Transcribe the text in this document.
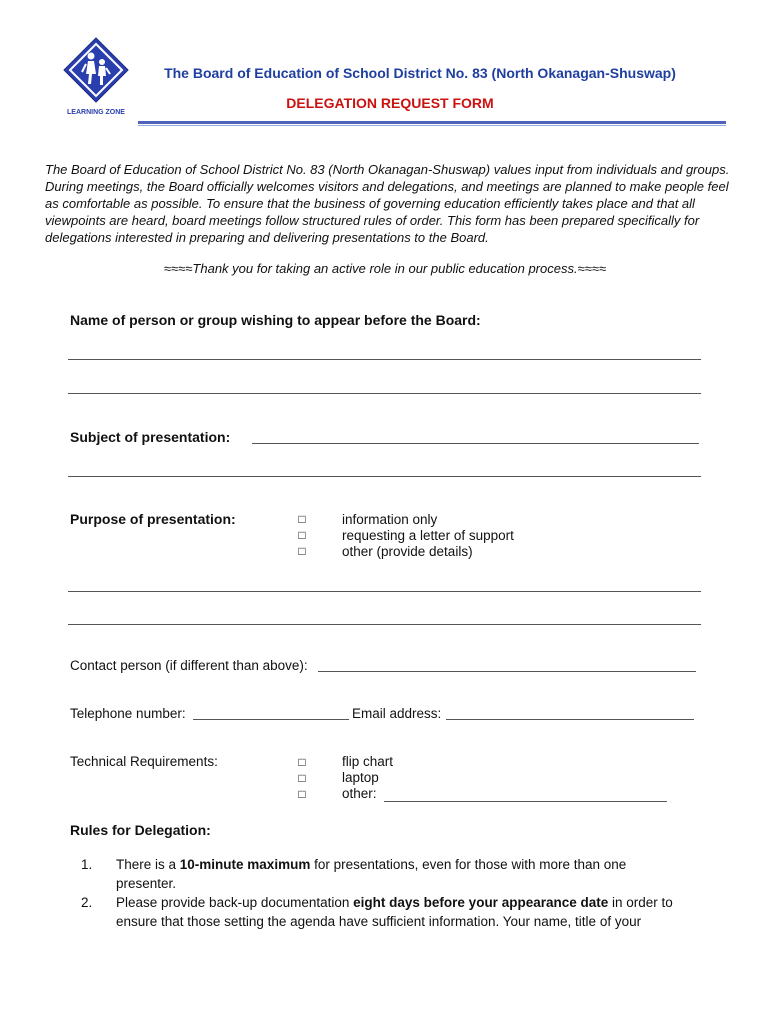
LEARNING ZONE
The Board of Education of School District No. 83 (North Okanagan-Shuswap)
DELEGATION REQUEST FORM
The Board of Education of School District No. 83 (North Okanagan-Shuswap) values input from individuals and groups. During meetings, the Board officially welcomes visitors and delegations, and meetings are planned to make people feel as comfortable as possible. To ensure that the business of governing education efficiently takes place and that all viewpoints are heard, board meetings follow structured rules of order. This form has been prepared specifically for delegations interested in preparing and delivering presentations to the Board.
≈≈≈≈Thank you for taking an active role in our public education process.≈≈≈≈
Name of person or group wishing to appear before the Board:
Subject of presentation:
Purpose of presentation:	□	information only
□	requesting a letter of support
□	other (provide details)
Contact person (if different than above):
Telephone number:	Email address:
Technical Requirements:	□	flip chart
□	laptop
□	other:
Rules for Delegation:
1. There is a 10-minute maximum for presentations, even for those with more than one
presenter.
2. Please provide back-up documentation eight days before your appearance date in order to
ensure that those setting the agenda have sufficient information. Your name, title of your
